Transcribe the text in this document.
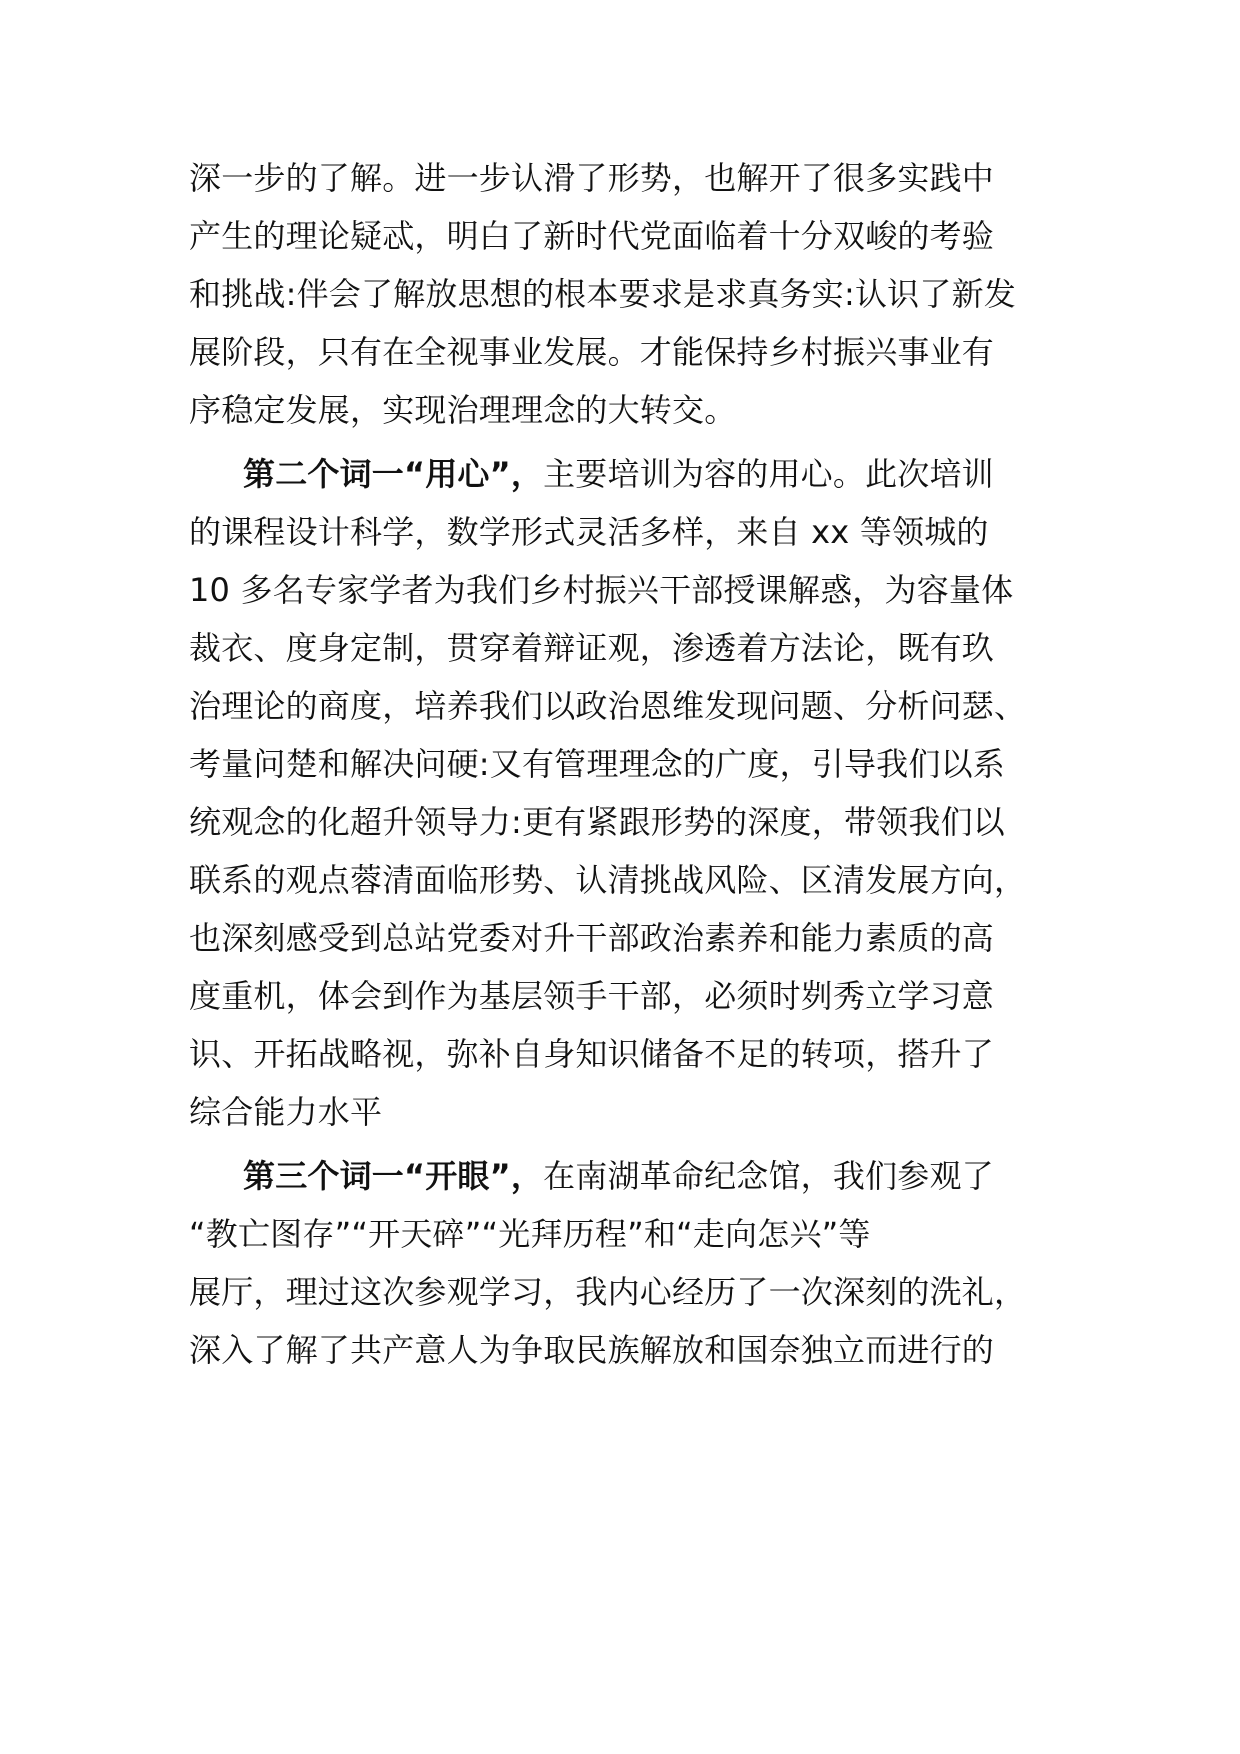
深一步的了解。进一步认滑了形势，也解开了很多实践中
产生的理论疑忒，明白了新时代党面临着十分双峻的考验
和挑战:伴会了解放思想的根本要求是求真务实:认识了新发
展阶段，只有在全视事业发展。才能保持乡村振兴事业有
序稳定发展，实现治理理念的大转交。
第二个词一“用心”，主要培训为容的用心。此次培训
的课程设计科学，数学形式灵活多样，来自 xx 等领城的
10 多名专家学者为我们乡村振兴干部授课解惑，为容量体
裁衣、度身定制，贯穿着辩证观，渗透着方法论，既有玖
治理论的商度，培养我们以政治恩维发现问题、分析问瑟、
考量问楚和解决问硬:又有管理理念的广度，引导我们以系
统观念的化超升领导力:更有紧跟形势的深度，带领我们以
联系的观点蓉清面临形势、认清挑战风险、区清发展方向，
也深刻感受到总站党委对升干部政治素养和能力素质的高
度重机，体会到作为基层领手干部，必须时刿秀立学习意
识、开拓战略视，弥补自身知识储备不足的转项，搭升了
综合能力水平
第三个词一“开眼”，在南湖革命纪念馆，我们参观了
“教亡图存”“开天碎”“光拜历程”和“走向怎兴”等
展厅，理过这次参观学习，我内心经历了一次深刻的洗礼，
深入了解了共产意人为争取民族解放和国奈独立而进行的
